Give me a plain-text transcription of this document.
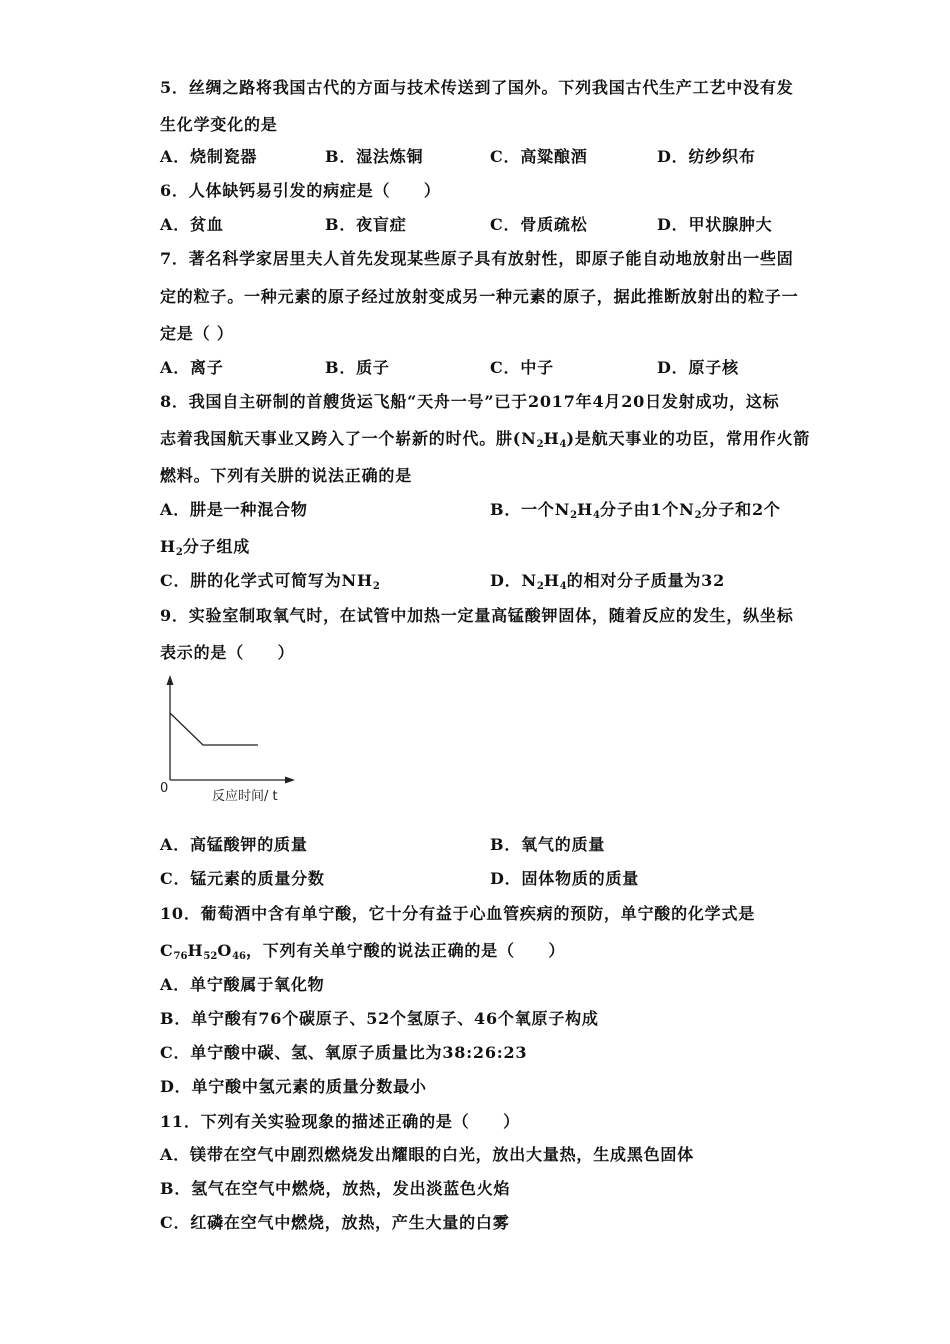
5．丝绸之路将我国古代的方面与技术传送到了国外。下列我国古代生产工艺中没有发
生化学变化的是
A．烧制瓷器	B．湿法炼铜	C．高粱酿酒	D．纺纱织布
6．人体缺钙易引发的病症是（　　）
A．贫血	B．夜盲症	C．骨质疏松	D．甲状腺肿大
7．著名科学家居里夫人首先发现某些原子具有放射性，即原子能自动地放射出一些固
定的粒子。一种元素的原子经过放射变成另一种元素的原子，据此推断放射出的粒子一
定是（ ）
A．离子	B．质子	C．中子	D．原子核
8．我国自主研制的首艘货运飞船“天舟一号”已于2017年4月20日发射成功，这标
志着我国航天事业又跨入了一个崭新的时代。肼$(N_2H_4)$是航天事业的功臣，常用作火箭
燃料。下列有关肼的说法正确的是
A．肼是一种混合物	B．一个$N_2H_4$分子由1个$N_2$分子和2个
$H_2$分子组成
C．肼的化学式可简写为$NH_2$	D．$N_2H_4$的相对分子质量为32
9．实验室制取氧气时，在试管中加热一定量高锰酸钾固体，随着反应的发生，纵坐标
表示的是（　　）
0
反应时间/ t
A．高锰酸钾的质量	B．氧气的质量
C．锰元素的质量分数	D．固体物质的质量
10．葡萄酒中含有单宁酸，它十分有益于心血管疾病的预防，单宁酸的化学式是
$C_{76}H_{52}O_{46}$，下列有关单宁酸的说法正确的是（　　）
A．单宁酸属于氧化物
B．单宁酸有76个碳原子、52个氢原子、46个氧原子构成
C．单宁酸中碳、氢、氧原子质量比为38:26:23
D．单宁酸中氢元素的质量分数最小
11．下列有关实验现象的描述正确的是（　　）
A．镁带在空气中剧烈燃烧发出耀眼的白光，放出大量热，生成黑色固体
B．氢气在空气中燃烧，放热，发出淡蓝色火焰
C．红磷在空气中燃烧，放热，产生大量的白雾
